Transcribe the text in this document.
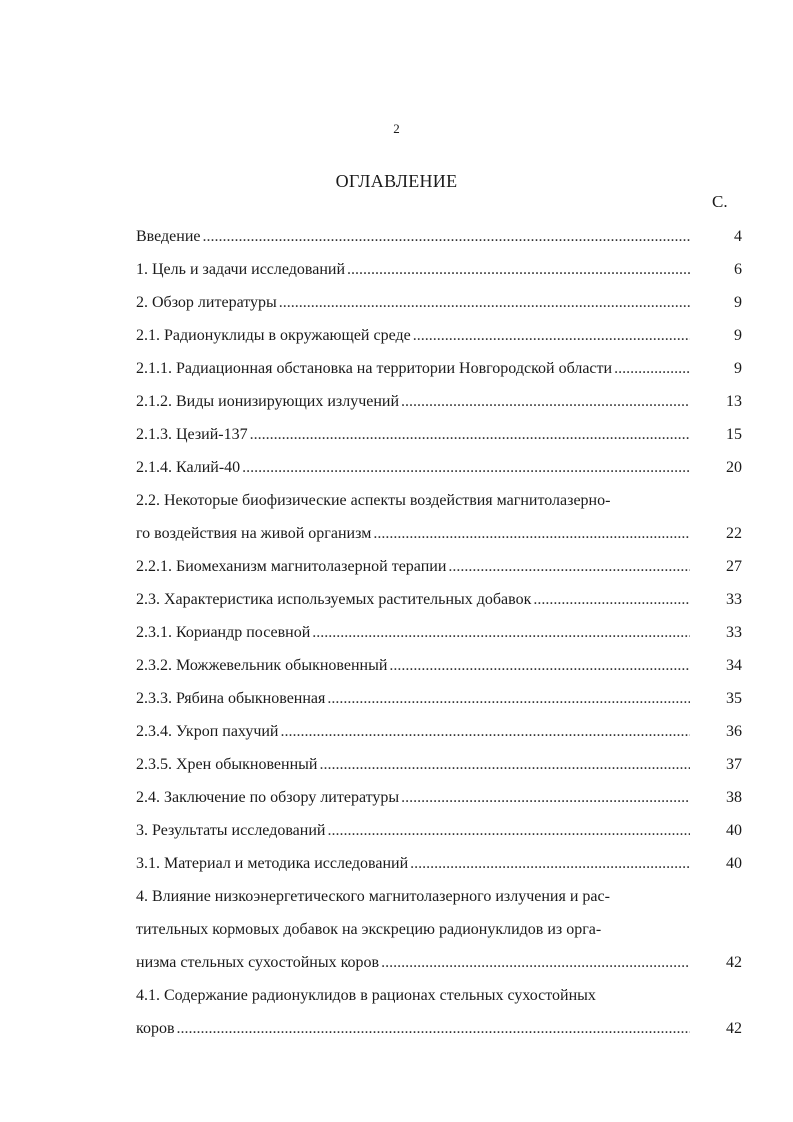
2
ОГЛАВЛЕНИЕ
С.
Введение .....	4
1. Цель и задачи исследований .....	6
2. Обзор литературы .....	9
2.1. Радионуклиды в окружающей среде .....	9
2.1.1. Радиационная обстановка на территории Новгородской области .....	9
2.1.2. Виды ионизирующих излучений .....	13
2.1.3. Цезий-137 .....	15
2.1.4. Калий-40 .....	20
2.2. Некоторые биофизические аспекты воздействия магнитолазерно-
го воздействия на живой организм .....	22
2.2.1. Биомеханизм магнитолазерной терапии .....	27
2.3. Характеристика используемых растительных добавок .....	33
2.3.1. Кориандр посевной .....	33
2.3.2. Можжевельник обыкновенный .....	34
2.3.3. Рябина обыкновенная .....	35
2.3.4. Укроп пахучий .....	36
2.3.5. Хрен обыкновенный .....	37
2.4. Заключение по обзору литературы .....	38
3. Результаты исследований .....	40
3.1. Материал и методика исследований .....	40
4. Влияние низкоэнергетического магнитолазерного излучения и рас-
тительных кормовых добавок на экскрецию радионуклидов из орга-
низма стельных сухостойных коров .....	42
4.1. Содержание радионуклидов в рационах стельных сухостойных
коров .....	42
